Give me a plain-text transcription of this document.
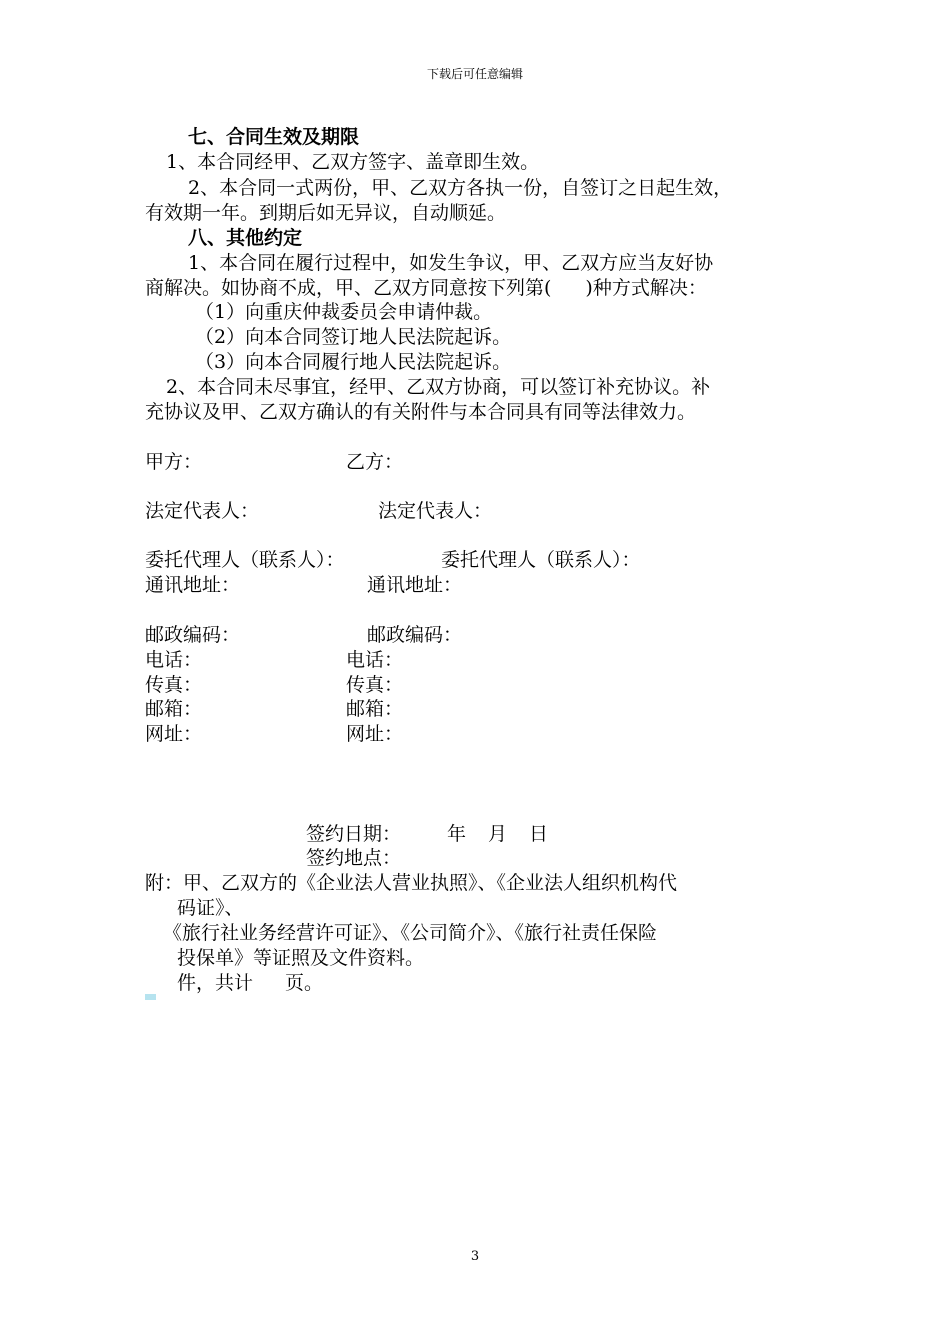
下载后可任意编辑
七、合同生效及期限
1、本合同经甲、乙双方签字、盖章即生效。
2、本合同一式两份，甲、乙双方各执一份，自签订之日起生效，
有效期一年。到期后如无异议，自动顺延。
八、其他约定
1、本合同在履行过程中，如发生争议，甲、乙双方应当友好协
商解决。如协商不成，甲、乙双方同意按下列第( )种方式解决：
（1）向重庆仲裁委员会申请仲裁。
（2）向本合同签订地人民法院起诉。
（3）向本合同履行地人民法院起诉。
2、本合同未尽事宜，经甲、乙双方协商，可以签订补充协议。补
充协议及甲、乙双方确认的有关附件与本合同具有同等法律效力。
甲方：	乙方：
法定代表人：	法定代表人：
委托代理人（联系人）：	委托代理人（联系人）：
通讯地址：	通讯地址：
邮政编码：	邮政编码：
电话：	电话：
传真：	传真：
邮箱：	邮箱：
网址：	网址：
签约日期： 年 月 日
签约地点：
附：甲、乙双方的《企业法人营业执照》、《企业法人组织机构代
码证》、
《旅行社业务经营许可证》、《公司简介》、《旅行社责任保险
投保单》等证照及文件资料。
件，共计 页。
3
